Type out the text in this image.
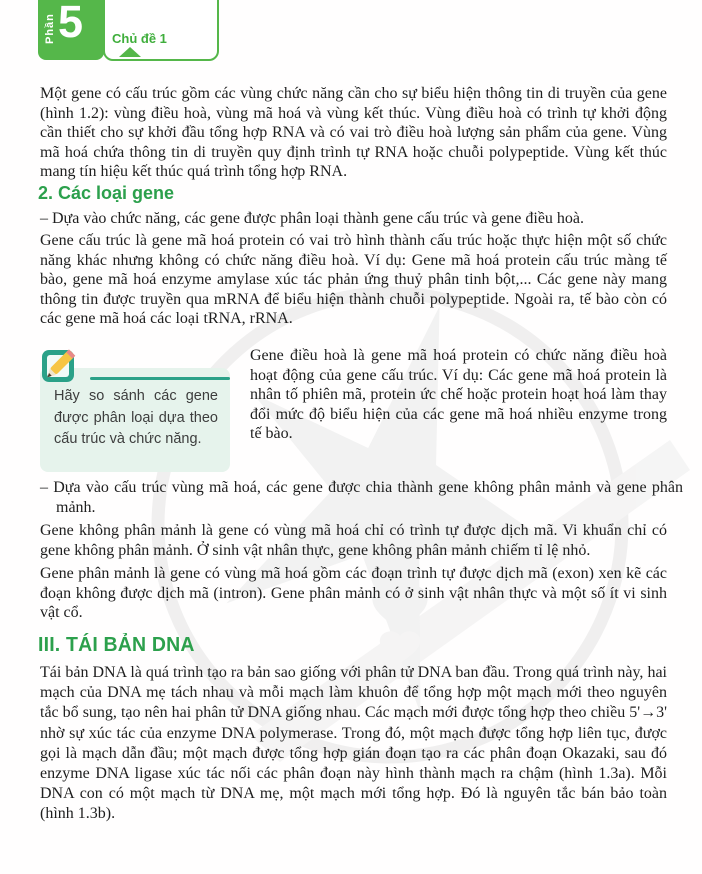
Chủ đề 1
Phần 5
Một gene có cấu trúc gồm các vùng chức năng cần cho sự biểu hiện thông tin di truyền của gene (hình 1.2): vùng điều hoà, vùng mã hoá và vùng kết thúc. Vùng điều hoà có trình tự khởi động cần thiết cho sự khởi đầu tổng hợp RNA và có vai trò điều hoà lượng sản phẩm của gene. Vùng mã hoá chứa thông tin di truyền quy định trình tự RNA hoặc chuỗi polypeptide. Vùng kết thúc mang tín hiệu kết thúc quá trình tổng hợp RNA.
2. Các loại gene
– Dựa vào chức năng, các gene được phân loại thành gene cấu trúc và gene điều hoà.
Gene cấu trúc là gene mã hoá protein có vai trò hình thành cấu trúc hoặc thực hiện một số chức năng khác nhưng không có chức năng điều hoà. Ví dụ: Gene mã hoá protein cấu trúc màng tế bào, gene mã hoá enzyme amylase xúc tác phản ứng thuỷ phân tinh bột,... Các gene này mang thông tin được truyền qua mRNA để biểu hiện thành chuỗi polypeptide. Ngoài ra, tế bào còn có các gene mã hoá các loại tRNA, rRNA.
Hãy so sánh các gene được phân loại dựa theo cấu trúc và chức năng.
Gene điều hoà là gene mã hoá protein có chức năng điều hoà hoạt động của gene cấu trúc. Ví dụ: Các gene mã hoá protein là nhân tố phiên mã, protein ức chế hoặc protein hoạt hoá làm thay đổi mức độ biểu hiện của các gene mã hoá nhiều enzyme trong tế bào.
– Dựa vào cấu trúc vùng mã hoá, các gene được chia thành gene không phân mảnh và gene phân mảnh.
Gene không phân mảnh là gene có vùng mã hoá chỉ có trình tự được dịch mã. Vi khuẩn chỉ có gene không phân mảnh. Ở sinh vật nhân thực, gene không phân mảnh chiếm tỉ lệ nhỏ.
Gene phân mảnh là gene có vùng mã hoá gồm các đoạn trình tự được dịch mã (exon) xen kẽ các đoạn không được dịch mã (intron). Gene phân mảnh có ở sinh vật nhân thực và một số ít vi sinh vật cổ.
III. TÁI BẢN DNA
Tái bản DNA là quá trình tạo ra bản sao giống với phân tử DNA ban đầu. Trong quá trình này, hai mạch của DNA mẹ tách nhau và mỗi mạch làm khuôn để tổng hợp một mạch mới theo nguyên tắc bổ sung, tạo nên hai phân tử DNA giống nhau. Các mạch mới được tổng hợp theo chiều 5'→3' nhờ sự xúc tác của enzyme DNA polymerase. Trong đó, một mạch được tổng hợp liên tục, được gọi là mạch dẫn đầu; một mạch được tổng hợp gián đoạn tạo ra các phân đoạn Okazaki, sau đó enzyme DNA ligase xúc tác nối các phân đoạn này hình thành mạch ra chậm (hình 1.3a). Mỗi DNA con có một mạch từ DNA mẹ, một mạch mới tổng hợp. Đó là nguyên tắc bán bảo toàn (hình 1.3b).
